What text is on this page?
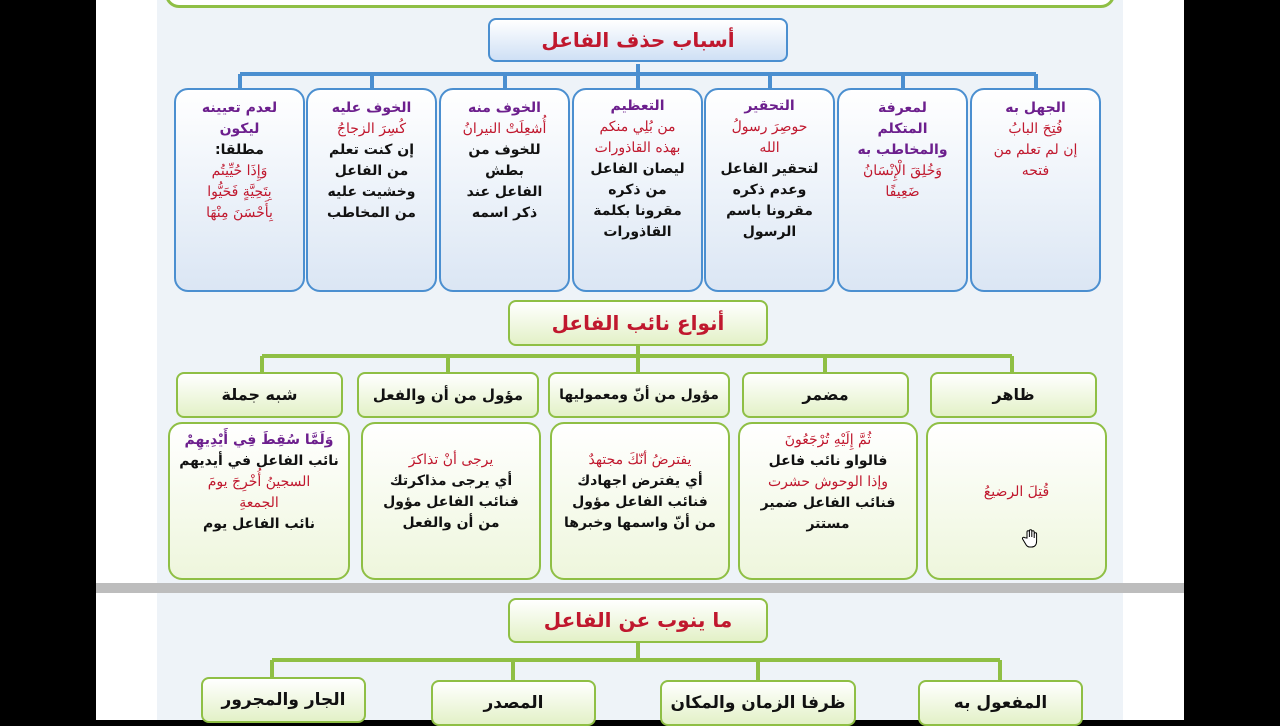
أسباب حذف الفاعل
الجهل به
فُتِحَ البابُ
إن لم تعلم من
فتحه
لمعرفة
المتكلم
والمخاطب به
وَخُلِقَ الْإِنْسَانُ
ضَعِيفًا
التحقير
حوصِرَ رسولُ
الله
لتحقير الفاعل
وعدم ذكره
مقرونا باسم
الرسول
التعظيم
من بُلِي منكم
بهذه القاذورات
ليصان الفاعل
من ذكره
مقرونا بكلمة
القاذورات
الخوف منه
أُشعِلَتْ النيرانُ
للخوف من بطش
الفاعل عند
ذكر اسمه
الخوف عليه
كُسِرَ الزجاجُ
إن كنت تعلم
من الفاعل
وخشيت عليه
من المخاطب
لعدم تعيينه
ليكون
مطلقا:
وَإِذَا حُيِّيتُم
بِتَحِيَّةٍ فَحَيُّوا
بِأَحْسَنَ مِنْهَا
أنواع نائب الفاعل
ظاهر
مضمر
مؤول من أنّ ومعموليها
مؤول من أن والفعل
شبه جملة
قُتِلَ الرضيعُ
ثُمَّ إِلَيْهِ تُرْجَعُونَ
فالواو نائب فاعل
وإذا الوحوش حشرت
فنائب الفاعل ضمير
مستتر
يفترضُ أنّكَ مجتهدٌ
أي يفترض اجهادك
فنائب الفاعل مؤول
من أنّ واسمها وخبرها
يرجى أنْ تذاكرَ
أي يرجى مذاكرتك
فنائب الفاعل مؤول
من أن والفعل
وَلَمَّا سُقِطَ فِي أَيْدِيهِمْ
نائب الفاعل في أيديهم
السجينُ أُخْرِجَ يومَ
الجمعةِ
نائب الفاعل يوم
ما ينوب عن الفاعل
المفعول به
ظرفا الزمان والمكان
المصدر
الجار والمجرور
